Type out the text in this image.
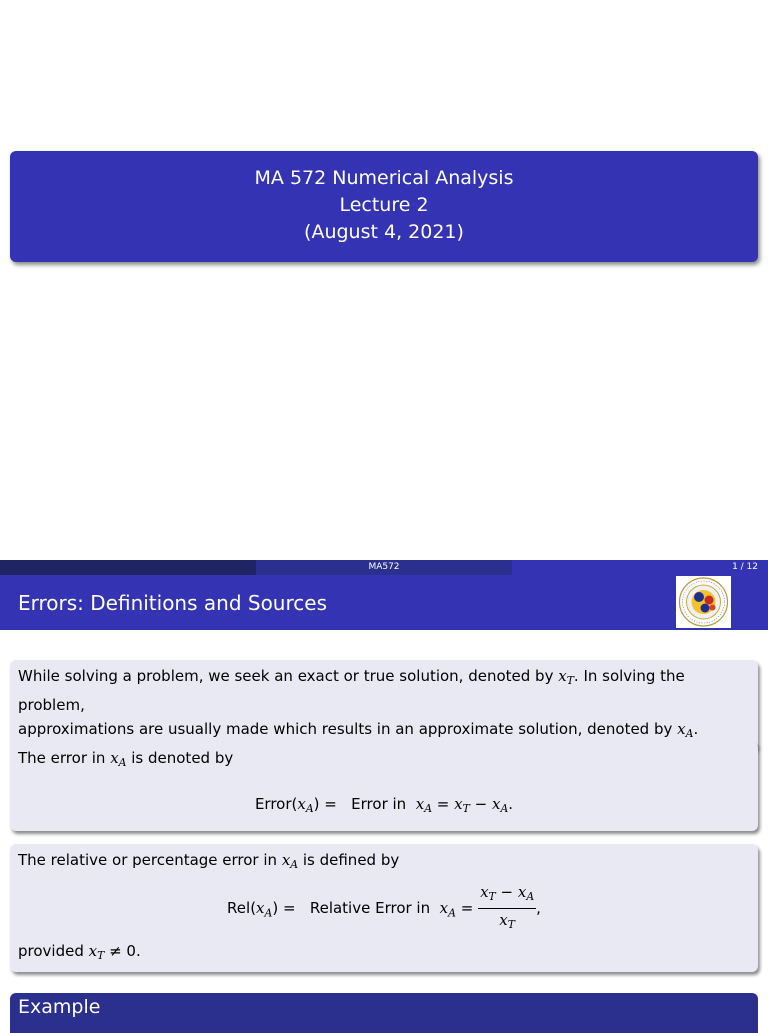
MA 572 Numerical Analysis
Lecture 2
(August 4, 2021)
MA572	1 / 12
Errors: Definitions and Sources
While solving a problem, we seek an exact or true solution, denoted by $x_T$. In solving the problem,
approximations are usually made which results in an approximate solution, denoted by $x_A$.
The error in $x_A$ is denoted by
$Error(x_A)$ = Error in $x_A = x_T - x_A$.
The relative or percentage error in $x_A$ is defined by
$Rel(x_A)$ = Relative Error in $x_A = \frac{x_T - x_A}{x_T}$ ,
provided $x_T \ne 0$.
Example
